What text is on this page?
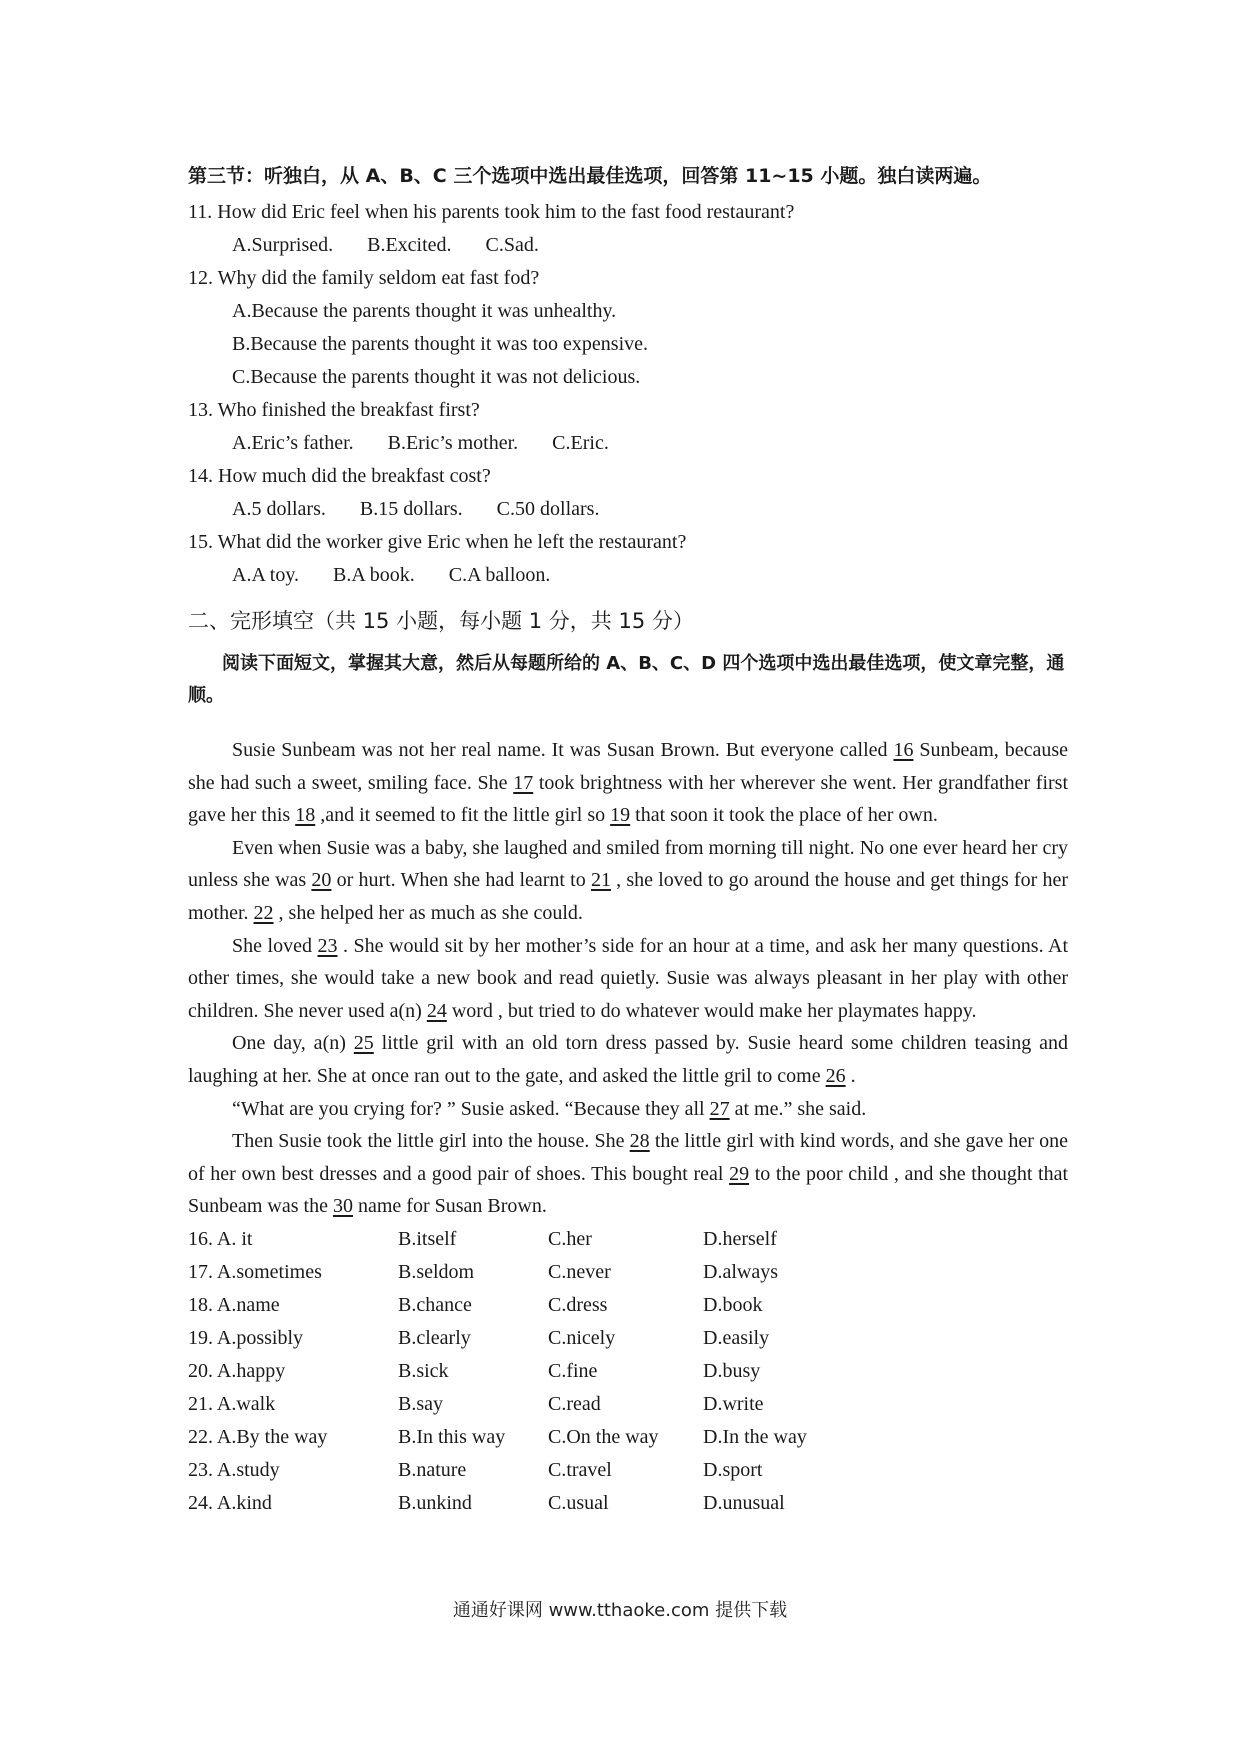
第三节：听独白，从 A、B、C 三个选项中选出最佳选项，回答第 11~15 小题。独白读两遍。
11. How did Eric feel when his parents took him to the fast food restaurant?
A.Surprised. B.Excited. C.Sad.
12. Why did the family seldom eat fast fod?
A.Because the parents thought it was unhealthy.
B.Because the parents thought it was too expensive.
C.Because the parents thought it was not delicious.
13. Who finished the breakfast first?
A.Eric’s father. B.Eric’s mother. C.Eric.
14. How much did the breakfast cost?
A.5 dollars. B.15 dollars. C.50 dollars.
15. What did the worker give Eric when he left the restaurant?
A.A toy. B.A book. C.A balloon.
二、完形填空（共 15 小题，每小题 1 分，共 15 分）
阅读下面短文，掌握其大意，然后从每题所给的 A、B、C、D 四个选项中选出最佳选项，使文章完整，通顺。
Susie Sunbeam was not her real name. It was Susan Brown. But everyone called 16 Sunbeam, because she had such a sweet, smiling face. She 17 took brightness with her wherever she went. Her grandfather first gave her this 18 ,and it seemed to fit the little girl so 19 that soon it took the place of her own.
Even when Susie was a baby, she laughed and smiled from morning till night. No one ever heard her cry unless she was 20 or hurt. When she had learnt to 21 , she loved to go around the house and get things for her mother. 22 , she helped her as much as she could.
She loved 23 . She would sit by her mother’s side for an hour at a time, and ask her many questions. At other times, she would take a new book and read quietly. Susie was always pleasant in her play with other children. She never used a(n) 24 word , but tried to do whatever would make her playmates happy.
One day, a(n) 25 little gril with an old torn dress passed by. Susie heard some children teasing and laughing at her. She at once ran out to the gate, and asked the little gril to come 26 .
“What are you crying for? ” Susie asked. “Because they all 27 at me.” she said.
Then Susie took the little girl into the house. She 28 the little girl with kind words, and she gave her one of her own best dresses and a good pair of shoes. This bought real 29 to the poor child , and she thought that Sunbeam was the 30 name for Susan Brown.
16. A. it	B.itself	C.her	D.herself
17. A.sometimes	B.seldom	C.never	D.always
18. A.name	B.chance	C.dress	D.book
19. A.possibly	B.clearly	C.nicely	D.easily
20. A.happy	B.sick	C.fine	D.busy
21. A.walk	B.say	C.read	D.write
22. A.By the way	B.In this way	C.On the way	D.In the way
23. A.study	B.nature	C.travel	D.sport
24. A.kind	B.unkind	C.usual	D.unusual
通通好课网 www.tthaoke.com 提供下载
